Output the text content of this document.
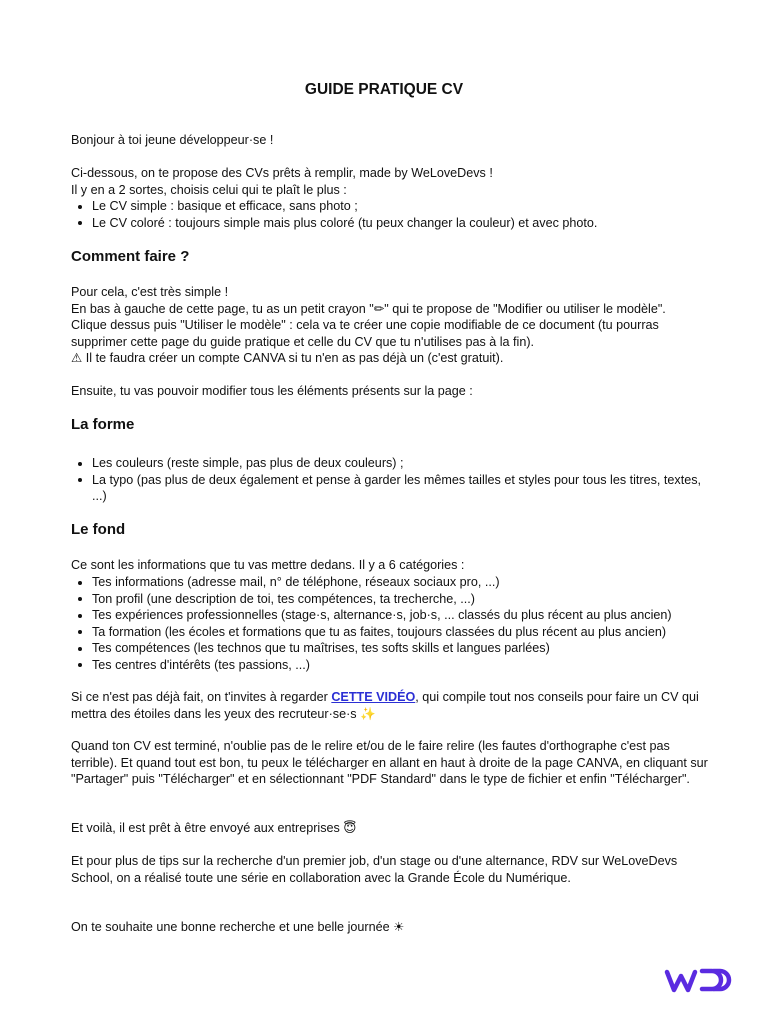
GUIDE PRATIQUE CV

Bonjour à toi jeune développeur·se !

Ci-dessous, on te propose des CVs prêts à remplir, made by WeLoveDevs !
Il y en a 2 sortes, choisis celui qui te plaît le plus :

Le CV simple : basique et efficace, sans photo ;
Le CV coloré : toujours simple mais plus coloré (tu peux changer la couleur) et avec photo.
Comment faire ?

Pour cela, c'est très simple !
En bas à gauche de cette page, tu as un petit crayon "✏" qui te propose de "Modifier ou utiliser le modèle".
Clique dessus puis "Utiliser le modèle" : cela va te créer une copie modifiable de ce document (tu pourras supprimer cette page du guide pratique et celle du CV que tu n'utilises pas à la fin).
⚠ Il te faudra créer un compte CANVA si tu n'en as pas déjà un (c'est gratuit).

Ensuite, tu vas pouvoir modifier tous les éléments présents sur la page :

La forme
Les couleurs (reste simple, pas plus de deux couleurs) ;
La typo (pas plus de deux également et pense à garder les mêmes tailles et styles pour tous les titres, textes, ...)
Le fond

Ce sont les informations que tu vas mettre dedans. Il y a 6 catégories :

Tes informations (adresse mail, n° de téléphone, réseaux sociaux pro, ...)
Ton profil (une description de toi, tes compétences, ta trecherche, ...)
Tes expériences professionnelles (stage·s, alternance·s, job·s, ... classés du plus récent au plus ancien)
Ta formation (les écoles et formations que tu as faites, toujours classées du plus récent au plus ancien)
Tes compétences (les technos que tu maîtrises, tes softs skills et langues parlées)
Tes centres d'intérêts (tes passions, ...)

Si ce n'est pas déjà fait, on t'invites à regarder CETTE VIDÉO, qui compile tout nos conseils pour faire un CV qui mettra des étoiles dans les yeux des recruteur·se·s ✨

Quand ton CV est terminé, n'oublie pas de le relire et/ou de le faire relire (les fautes d'orthographe c'est pas terrible). Et quand tout est bon, tu peux le télécharger en allant en haut à droite de la page CANVA, en cliquant sur "Partager" puis "Télécharger" et en sélectionnant "PDF Standard" dans le type de fichier et enfin "Télécharger".

Et voilà, il est prêt à être envoyé aux entreprises 😇

Et pour plus de tips sur la recherche d'un premier job, d'un stage ou d'une alternance, RDV sur WeLoveDevs School, on a réalisé toute une série en collaboration avec la Grande École du Numérique.

On te souhaite une bonne recherche et une belle journée ☀
